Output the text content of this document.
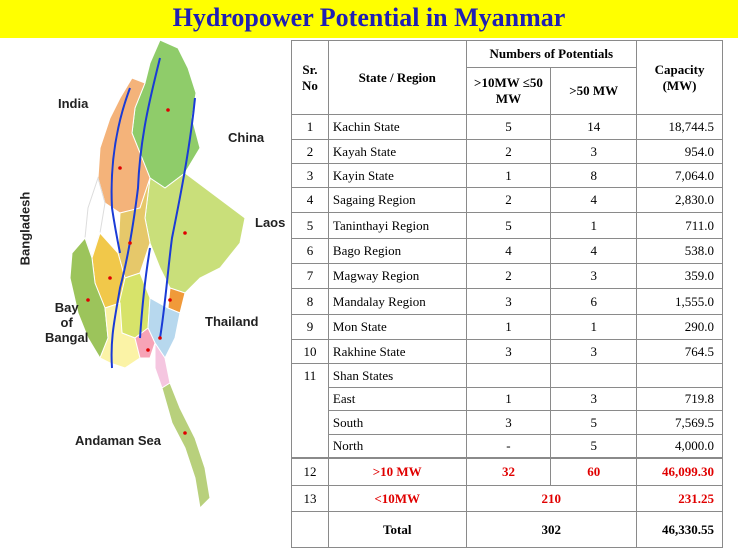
Hydropower Potential in Myanmar
India
China
Bangladesh	Laos
Bay
of
Bangal
Thailand
Andaman Sea
Sr. No	State / Region	Numbers of Potentials		Capacity (MW)
		>10MW ≤50 MW	>50 MW	
1	Kachin State	5	14	18,744.5
2	Kayah State	2	3	954.0
3	Kayin State	1	8	7,064.0
4	Sagaing Region	2	4	2,830.0
5	Taninthayi Region	5	1	711.0
6	Bago Region	4	4	538.0
7	Magway Region	2	3	359.0
8	Mandalay Region	3	6	1,555.0
9	Mon State	1	1	290.0
10	Rakhine State	3	3	764.5
11	Shan States			
	East	1	3	719.8
	South	3	5	7,569.5
	North	-	5	4,000.0
12	>10 MW	32	60	46,099.30
13	<10MW	210		231.25
	Total	302		46,330.55
